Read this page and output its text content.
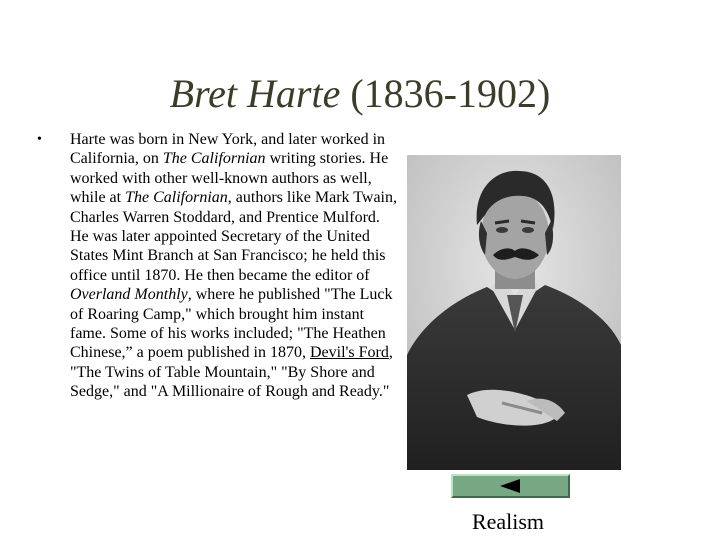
Bret Harte (1836-1902)
• Harte was born in New York, and later worked in California, on The Californian writing stories. He worked with other well-known authors as well, while at The Californian, authors like Mark Twain, Charles Warren Stoddard, and Prentice Mulford. He was later appointed Secretary of the United States Mint Branch at San Francisco; he held this office until 1870. He then became the editor of Overland Monthly, where he published "The Luck of Roaring Camp," which brought him instant fame. Some of his works included; "The Heathen Chinese,” a poem published in 1870, Devil's Ford, "The Twins of Table Mountain," "By Shore and Sedge," and "A Millionaire of Rough and Ready."
Realism
